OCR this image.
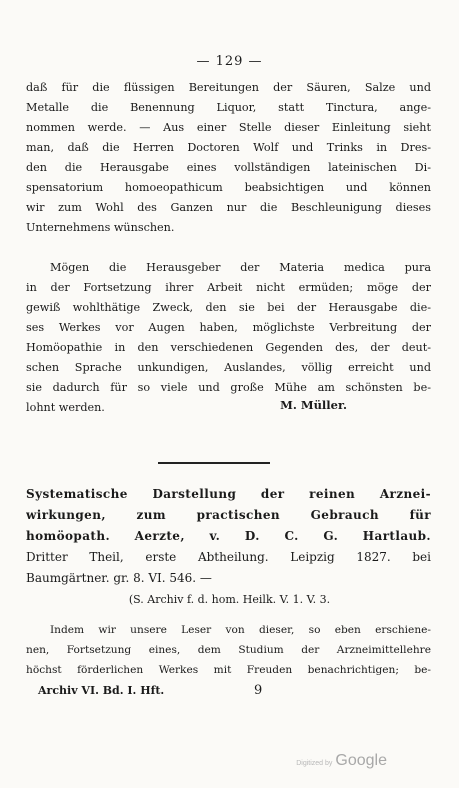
— 129 —
daß für die flüssigen Bereitungen der Säuren, Salze und
Metalle die Benennung Liquor, statt Tinctura, ange-
nommen werde. — Aus einer Stelle dieser Einleitung sieht
man, daß die Herren Doctoren Wolf und Trinks in Dres-
den die Herausgabe eines vollständigen lateinischen Di-
spensatorium homoeopathicum beabsichtigen und können
wir zum Wohl des Ganzen nur die Beschleunigung dieses
Unternehmens wünschen.
Mögen die Herausgeber der Materia medica pura
in der Fortsetzung ihrer Arbeit nicht ermüden; möge der
gewiß wohlthätige Zweck, den sie bei der Herausgabe die-
ses Werkes vor Augen haben, möglichste Verbreitung der
Homöopathie in den verschiedenen Gegenden des, der deut-
schen Sprache unkundigen, Auslandes, völlig erreicht und
sie dadurch für so viele und große Mühe am schönsten be-
lohnt werden.	M. Müller.
Systematische Darstellung der reinen Arznei-
wirkungen, zum practischen Gebrauch für
homöopath. Aerzte, v. D. C. G. Hartlaub.
Dritter Theil, erste Abtheilung. Leipzig 1827. bei
Baumgärtner. gr. 8. VI. 546. —
(S. Archiv f. d. hom. Heilk. V. 1. V. 3.
Indem wir unsere Leser von dieser, so eben erschiene-
nen, Fortsetzung eines, dem Studium der Arzneimittellehre
höchst förderlichen Werkes mit Freuden benachrichtigen; be-
Archiv VI. Bd. I. Hft.	9
Digitized by Google
